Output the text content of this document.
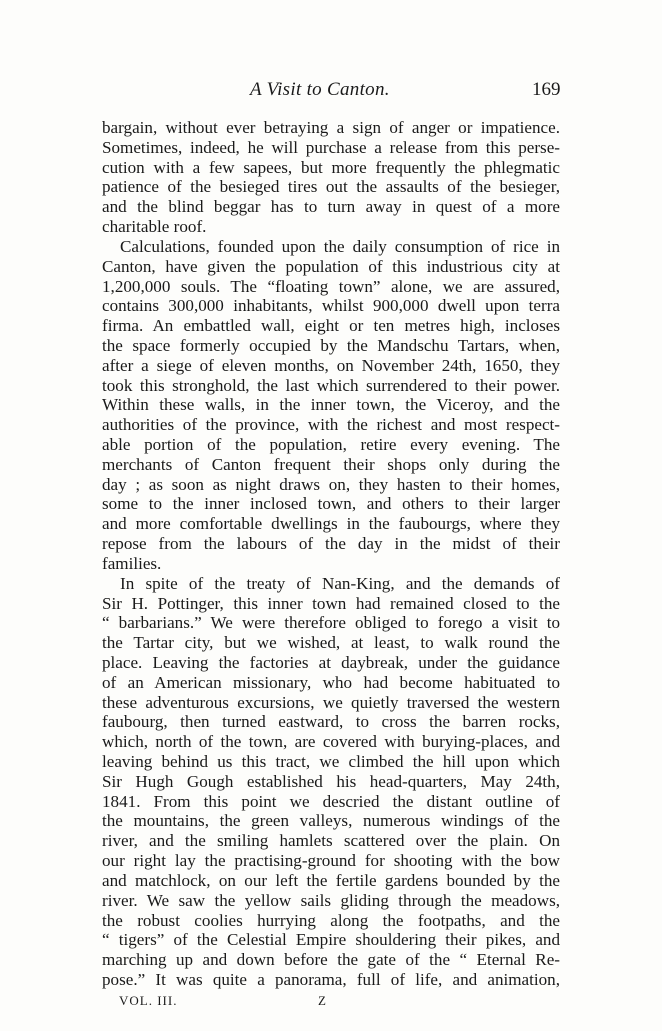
A Visit to Canton.	169
bargain, without ever betraying a sign of anger or impatience.
Sometimes, indeed, he will purchase a release from this perse-
cution with a few sapees, but more frequently the phlegmatic
patience of the besieged tires out the assaults of the besieger,
and the blind beggar has to turn away in quest of a more
charitable roof.
Calculations, founded upon the daily consumption of rice in
Canton, have given the population of this industrious city at
1,200,000 souls. The “floating town” alone, we are assured,
contains 300,000 inhabitants, whilst 900,000 dwell upon terra
firma. An embattled wall, eight or ten metres high, incloses
the space formerly occupied by the Mandschu Tartars, when,
after a siege of eleven months, on November 24th, 1650, they
took this stronghold, the last which surrendered to their power.
Within these walls, in the inner town, the Viceroy, and the
authorities of the province, with the richest and most respect-
able portion of the population, retire every evening. The
merchants of Canton frequent their shops only during the
day ; as soon as night draws on, they hasten to their homes,
some to the inner inclosed town, and others to their larger
and more comfortable dwellings in the faubourgs, where they
repose from the labours of the day in the midst of their
families.
In spite of the treaty of Nan-King, and the demands of
Sir H. Pottinger, this inner town had remained closed to the
“ barbarians.” We were therefore obliged to forego a visit to
the Tartar city, but we wished, at least, to walk round the
place. Leaving the factories at daybreak, under the guidance
of an American missionary, who had become habituated to
these adventurous excursions, we quietly traversed the western
faubourg, then turned eastward, to cross the barren rocks,
which, north of the town, are covered with burying-places, and
leaving behind us this tract, we climbed the hill upon which
Sir Hugh Gough established his head-quarters, May 24th,
1841. From this point we descried the distant outline of
the mountains, the green valleys, numerous windings of the
river, and the smiling hamlets scattered over the plain. On
our right lay the practising-ground for shooting with the bow
and matchlock, on our left the fertile gardens bounded by the
river. We saw the yellow sails gliding through the meadows,
the robust coolies hurrying along the footpaths, and the
“ tigers” of the Celestial Empire shouldering their pikes, and
marching up and down before the gate of the “ Eternal Re-
pose.” It was quite a panorama, full of life, and animation,
VOL. III.	Z
